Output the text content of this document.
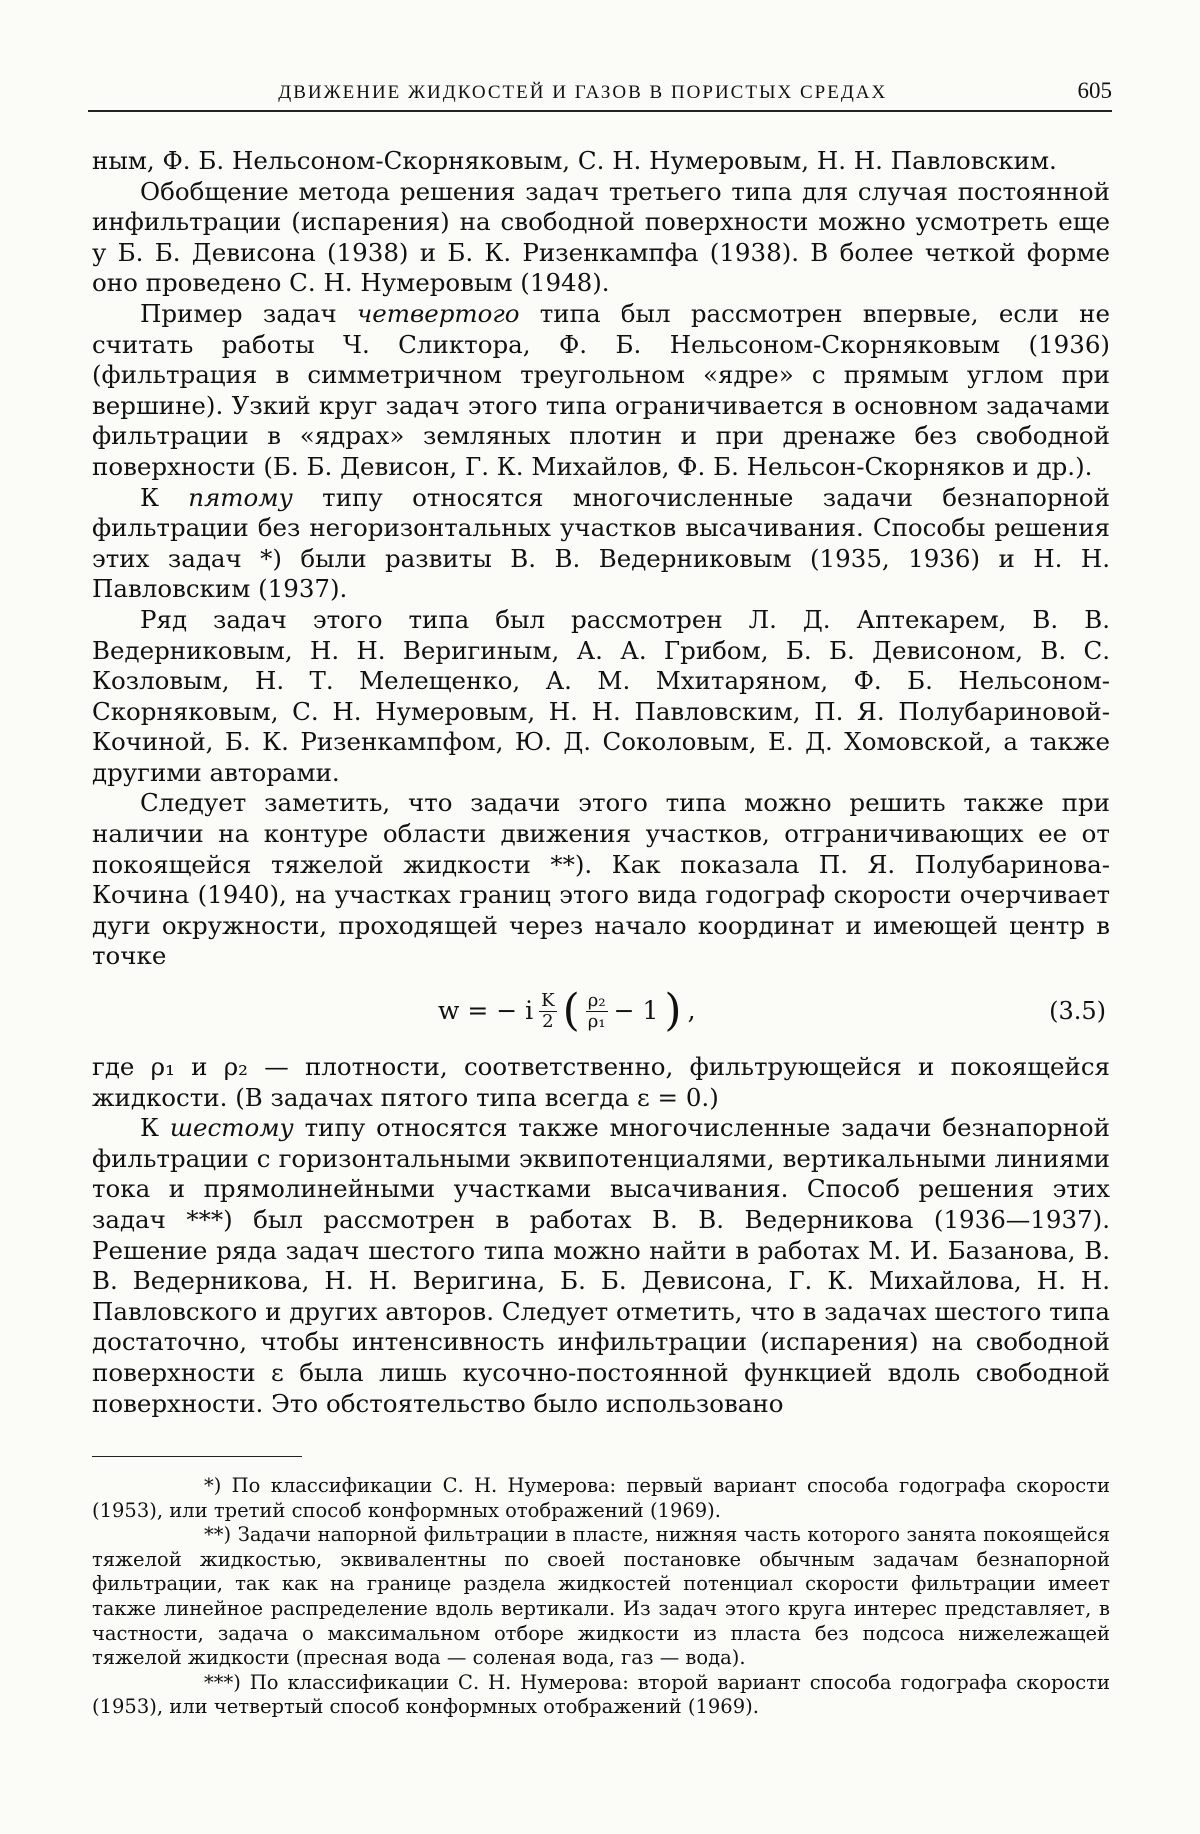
ДВИЖЕНИЕ ЖИДКОСТЕЙ И ГАЗОВ В ПОРИСТЫХ СРЕДАХ	605

ным, Ф. Б. Нельсоном-Скорняковым, С. Н. Нумеровым, Н. Н. Павловским.

Обобщение метода решения задач третьего типа для случая постоянной инфильтрации (испарения) на свободной поверхности можно усмотреть еще у Б. Б. Девисона (1938) и Б. К. Ризенкампфа (1938). В более четкой форме оно проведено С. Н. Нумеровым (1948).

Пример задач четвертого типа был рассмотрен впервые, если не считать работы Ч. Сликтора, Ф. Б. Нельсоном-Скорняковым (1936) (фильтрация в симметричном треугольном «ядре» с прямым углом при вершине). Узкий круг задач этого типа ограничивается в основном задачами фильтрации в «ядрах» земляных плотин и при дренаже без свободной поверхности (Б. Б. Девисон, Г. К. Михайлов, Ф. Б. Нельсон-Скорняков и др.).

К пятому типу относятся многочисленные задачи безнапорной фильтрации без негоризонтальных участков высачивания. Способы решения этих задач *) были развиты В. В. Ведерниковым (1935, 1936) и Н. Н. Павловским (1937).

Ряд задач этого типа был рассмотрен Л. Д. Аптекарем, В. В. Ведерниковым, Н. Н. Веригиным, А. А. Грибом, Б. Б. Девисоном, В. С. Козловым, Н. Т. Мелещенко, А. М. Мхитаряном, Ф. Б. Нельсоном-Скорняковым, С. Н. Нумеровым, Н. Н. Павловским, П. Я. Полубариновой-Кочиной, Б. К. Ризенкампфом, Ю. Д. Соколовым, Е. Д. Хомовской, а также другими авторами.

Следует заметить, что задачи этого типа можно решить также при наличии на контуре области движения участков, отграничивающих ее от покоящейся тяжелой жидкости **). Как показала П. Я. Полубаринова-Кочина (1940), на участках границ этого вида годограф скорости очерчивает дуги окружности, проходящей через начало координат и имеющей центр в точке

w = − i $\frac{K}{2}$ ( $\frac{\text{ρ₂}}{\text{ρ₁}} - 1$ ) ,	(3.5)

где ρ₁ и ρ₂ — плотности, соответственно, фильтрующейся и покоящейся жидкости. (В задачах пятого типа всегда ε = 0.)

К шестому типу относятся также многочисленные задачи безнапорной фильтрации с горизонтальными эквипотенциалями, вертикальными линиями тока и прямолинейными участками высачивания. Способ решения этих задач ***) был рассмотрен в работах В. В. Ведерникова (1936—1937). Решение ряда задач шестого типа можно найти в работах М. И. Базанова, В. В. Ведерникова, Н. Н. Веригина, Б. Б. Девисона, Г. К. Михайлова, Н. Н. Павловского и других авторов. Следует отметить, что в задачах шестого типа достаточно, чтобы интенсивность инфильтрации (испарения) на свободной поверхности ε была лишь кусочно-постоянной функцией вдоль свободной поверхности. Это обстоятельство было использовано

*) По классификации С. Н. Нумерова: первый вариант способа годографа скорости (1953), или третий способ конформных отображений (1969).

**) Задачи напорной фильтрации в пласте, нижняя часть которого занята покоящейся тяжелой жидкостью, эквивалентны по своей постановке обычным задачам безнапорной фильтрации, так как на границе раздела жидкостей потенциал скорости фильтрации имеет также линейное распределение вдоль вертикали. Из задач этого круга интерес представляет, в частности, задача о максимальном отборе жидкости из пласта без подсоса нижележащей тяжелой жидкости (пресная вода — соленая вода, газ — вода).

***) По классификации С. Н. Нумерова: второй вариант способа годографа скорости (1953), или четвертый способ конформных отображений (1969).
